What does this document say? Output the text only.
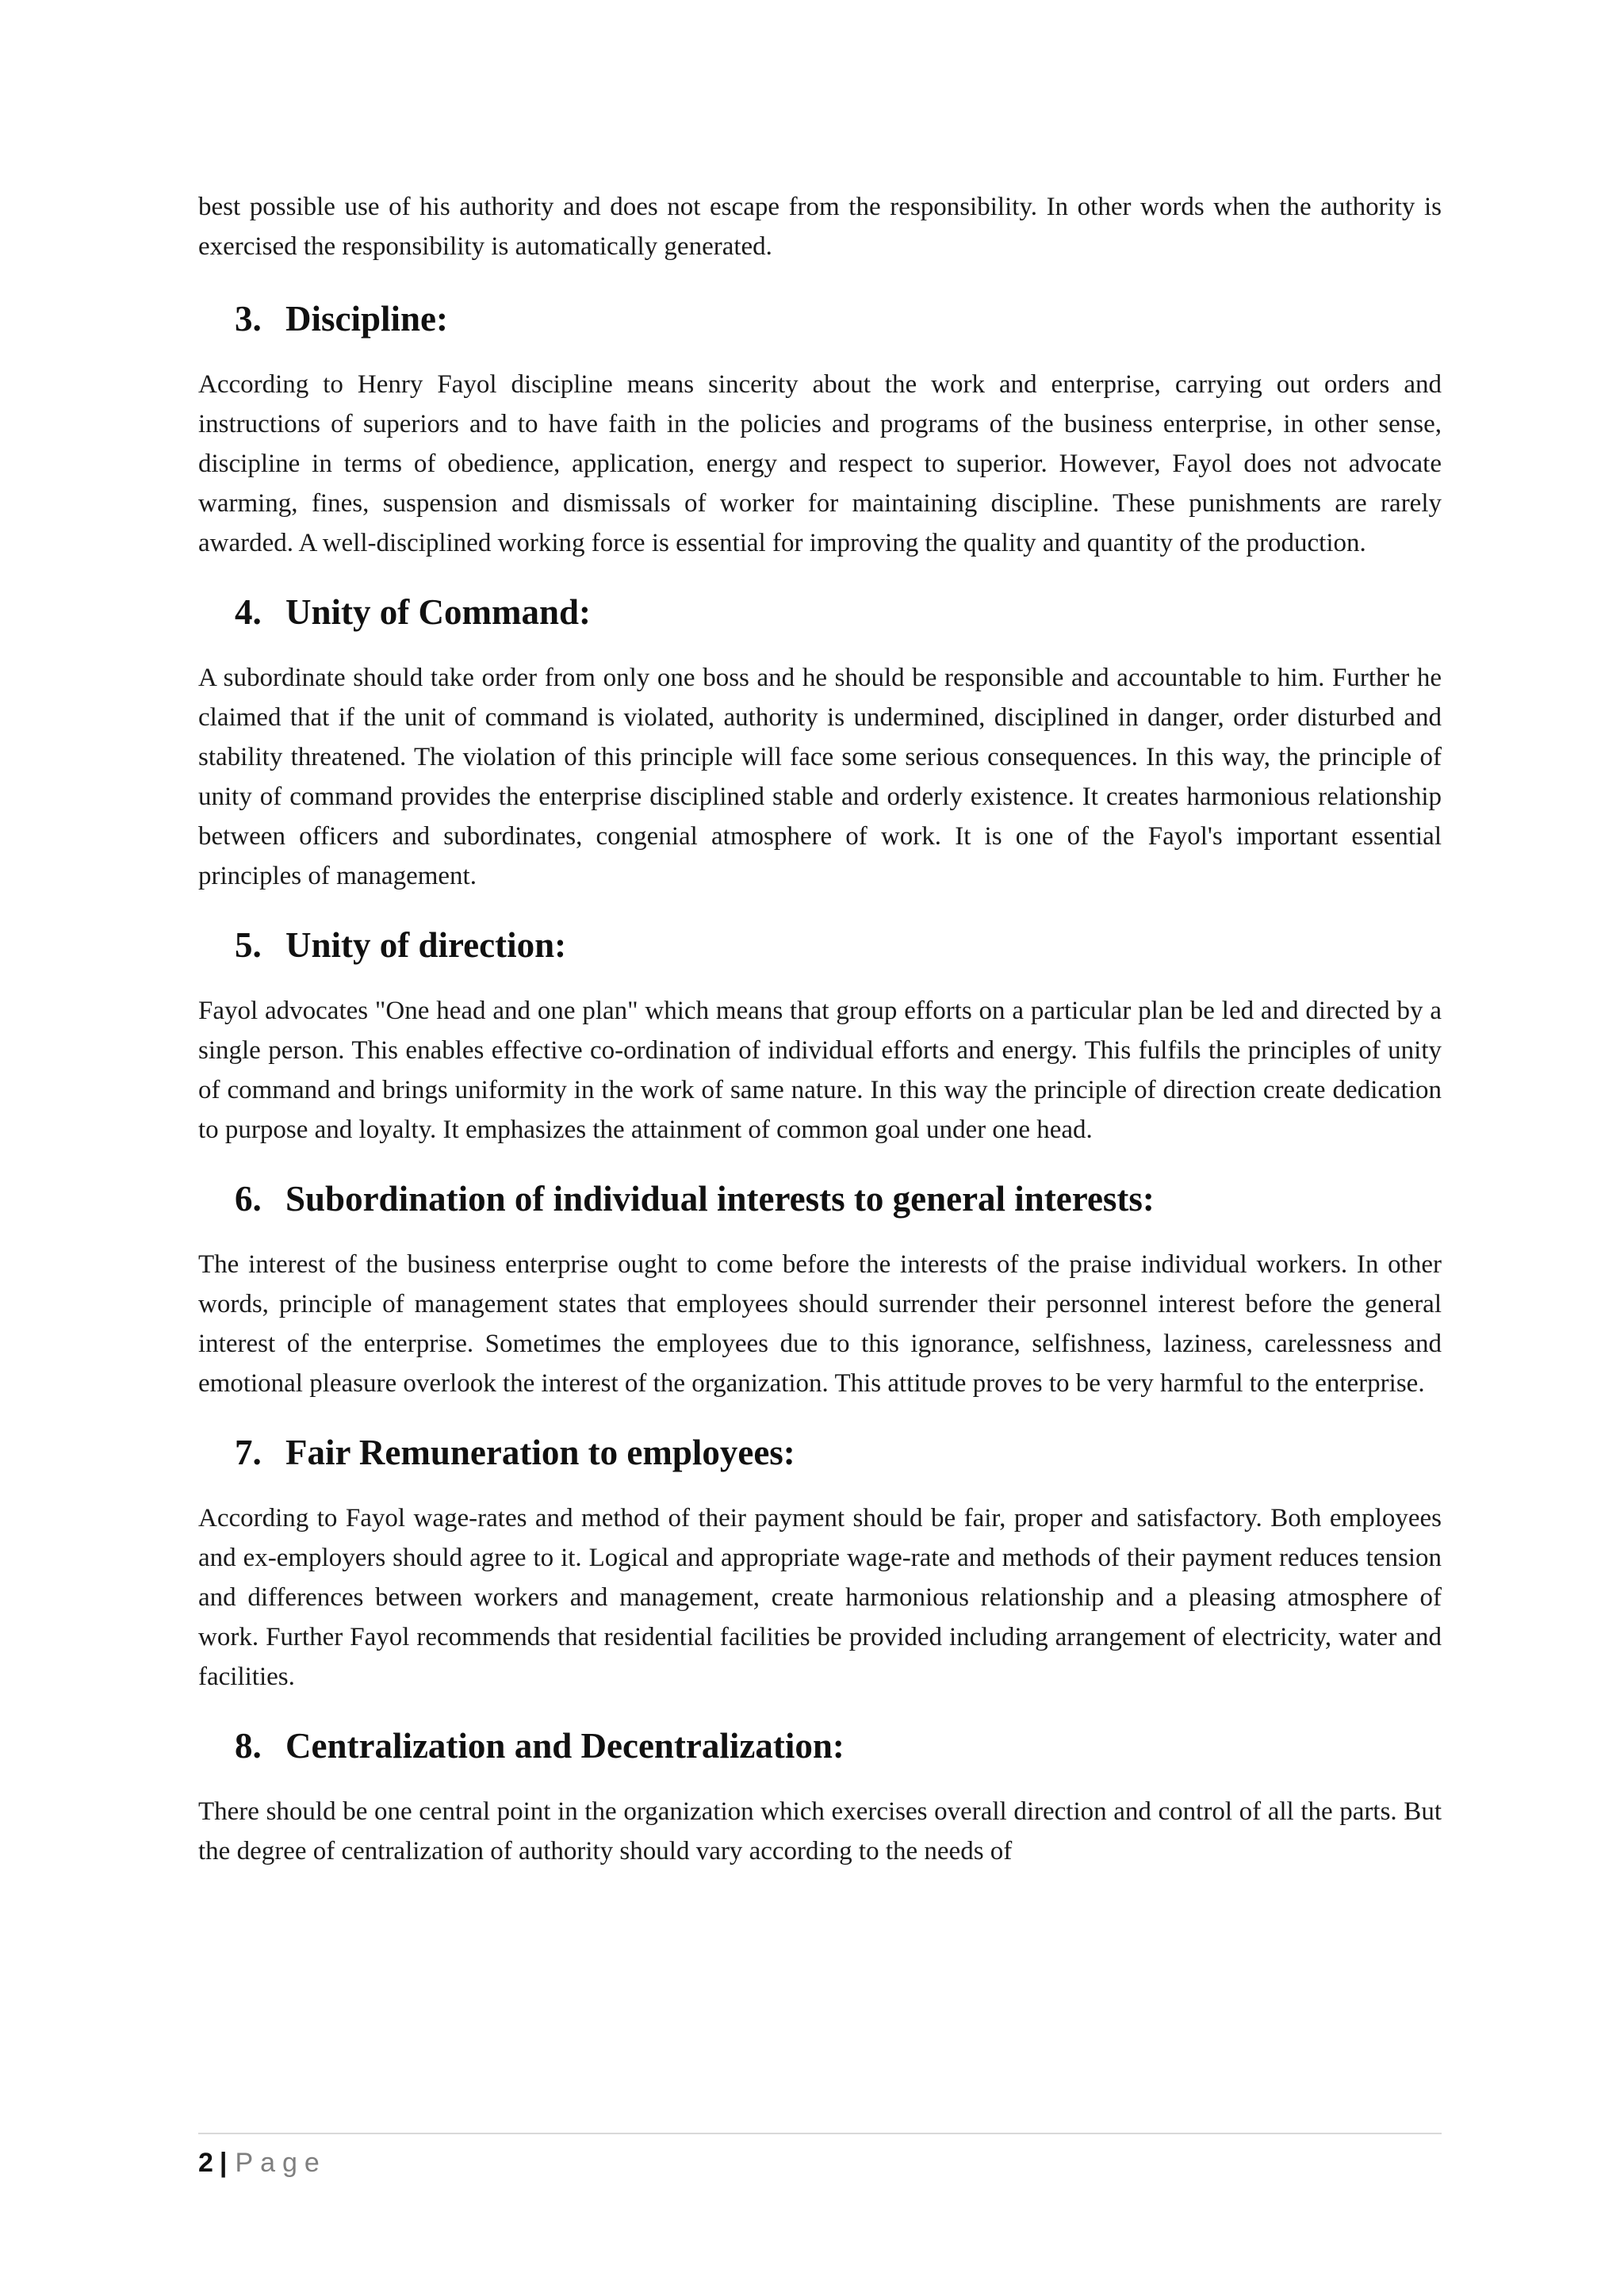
best possible use of his authority and does not escape from the responsibility. In other words when the authority is exercised the responsibility is automatically generated.

3. Discipline:

According to Henry Fayol discipline means sincerity about the work and enterprise, carrying out orders and instructions of superiors and to have faith in the policies and programs of the business enterprise, in other sense, discipline in terms of obedience, application, energy and respect to superior. However, Fayol does not advocate warming, fines, suspension and dismissals of worker for maintaining discipline. These punishments are rarely awarded. A well-disciplined working force is essential for improving the quality and quantity of the production.

4. Unity of Command:

A subordinate should take order from only one boss and he should be responsible and accountable to him. Further he claimed that if the unit of command is violated, authority is undermined, disciplined in danger, order disturbed and stability threatened. The violation of this principle will face some serious consequences. In this way, the principle of unity of command provides the enterprise disciplined stable and orderly existence. It creates harmonious relationship between officers and subordinates, congenial atmosphere of work. It is one of the Fayol's important essential principles of management.

5. Unity of direction:

Fayol advocates "One head and one plan" which means that group efforts on a particular plan be led and directed by a single person. This enables effective co-ordination of individual efforts and energy. This fulfils the principles of unity of command and brings uniformity in the work of same nature. In this way the principle of direction create dedication to purpose and loyalty. It emphasizes the attainment of common goal under one head.

6. Subordination of individual interests to general interests:

The interest of the business enterprise ought to come before the interests of the praise individual workers. In other words, principle of management states that employees should surrender their personnel interest before the general interest of the enterprise. Sometimes the employees due to this ignorance, selfishness, laziness, carelessness and emotional pleasure overlook the interest of the organization. This attitude proves to be very harmful to the enterprise.

7. Fair Remuneration to employees:

According to Fayol wage-rates and method of their payment should be fair, proper and satisfactory. Both employees and ex-employers should agree to it. Logical and appropriate wage-rate and methods of their payment reduces tension and differences between workers and management, create harmonious relationship and a pleasing atmosphere of work. Further Fayol recommends that residential facilities be provided including arrangement of electricity, water and facilities.

8. Centralization and Decentralization:

There should be one central point in the organization which exercises overall direction and control of all the parts. But the degree of centralization of authority should vary according to the needs of

2 | Page
